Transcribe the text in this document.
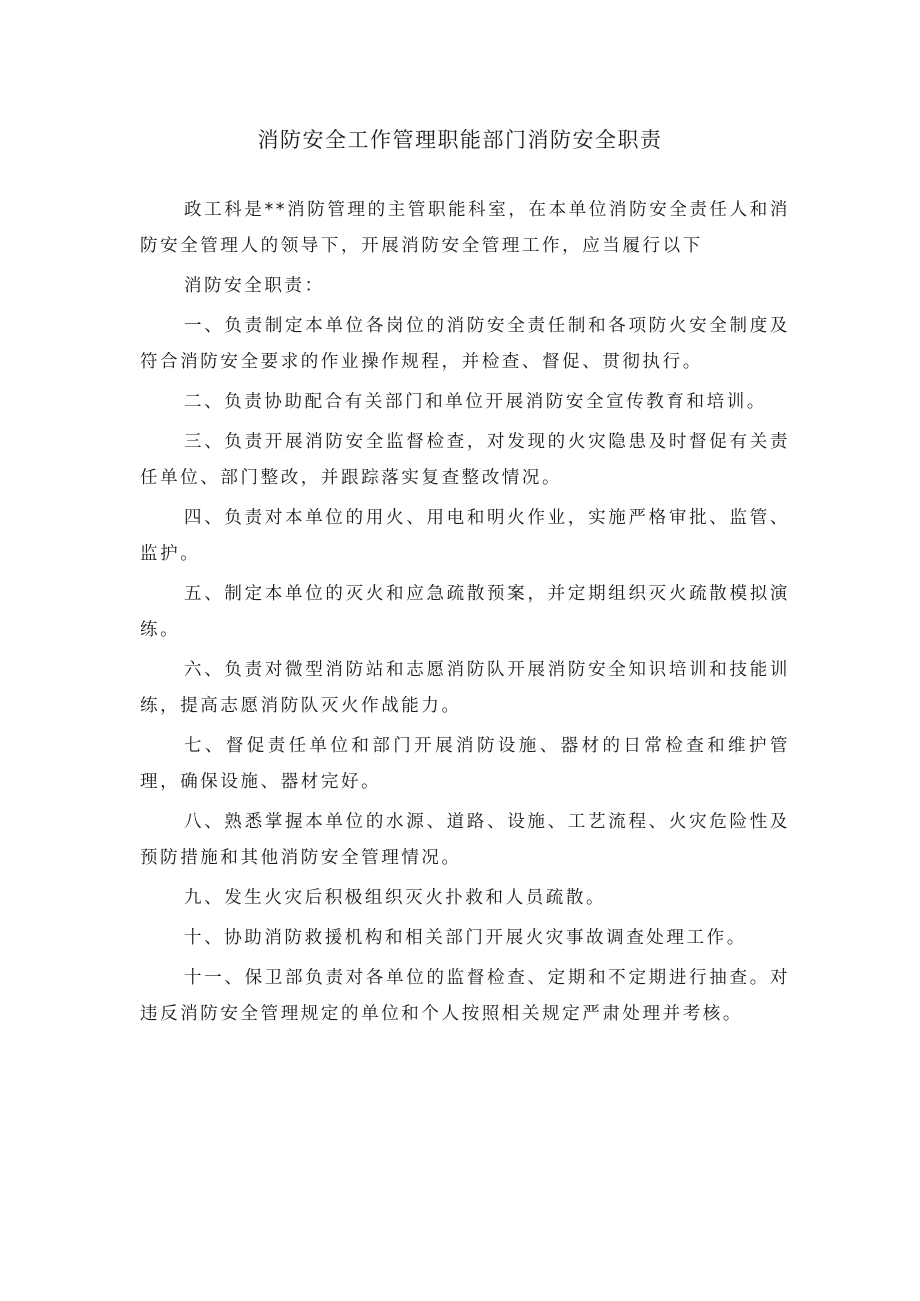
消防安全工作管理职能部门消防安全职责

政工科是**消防管理的主管职能科室，在本单位消防安全责任人和消防安全管理人的领导下，开展消防安全管理工作，应当履行以下

消防安全职责：

一、负责制定本单位各岗位的消防安全责任制和各项防火安全制度及符合消防安全要求的作业操作规程，并检查、督促、贯彻执行。

二、负责协助配合有关部门和单位开展消防安全宣传教育和培训。

三、负责开展消防安全监督检查，对发现的火灾隐患及时督促有关责任单位、部门整改，并跟踪落实复查整改情况。

四、负责对本单位的用火、用电和明火作业，实施严格审批、监管、监护。

五、制定本单位的灭火和应急疏散预案，并定期组织灭火疏散模拟演练。

六、负责对微型消防站和志愿消防队开展消防安全知识培训和技能训练，提高志愿消防队灭火作战能力。

七、督促责任单位和部门开展消防设施、器材的日常检查和维护管理，确保设施、器材完好。

八、熟悉掌握本单位的水源、道路、设施、工艺流程、火灾危险性及预防措施和其他消防安全管理情况。

九、发生火灾后积极组织灭火扑救和人员疏散。

十、协助消防救援机构和相关部门开展火灾事故调查处理工作。

十一、保卫部负责对各单位的监督检查、定期和不定期进行抽查。对违反消防安全管理规定的单位和个人按照相关规定严肃处理并考核。
